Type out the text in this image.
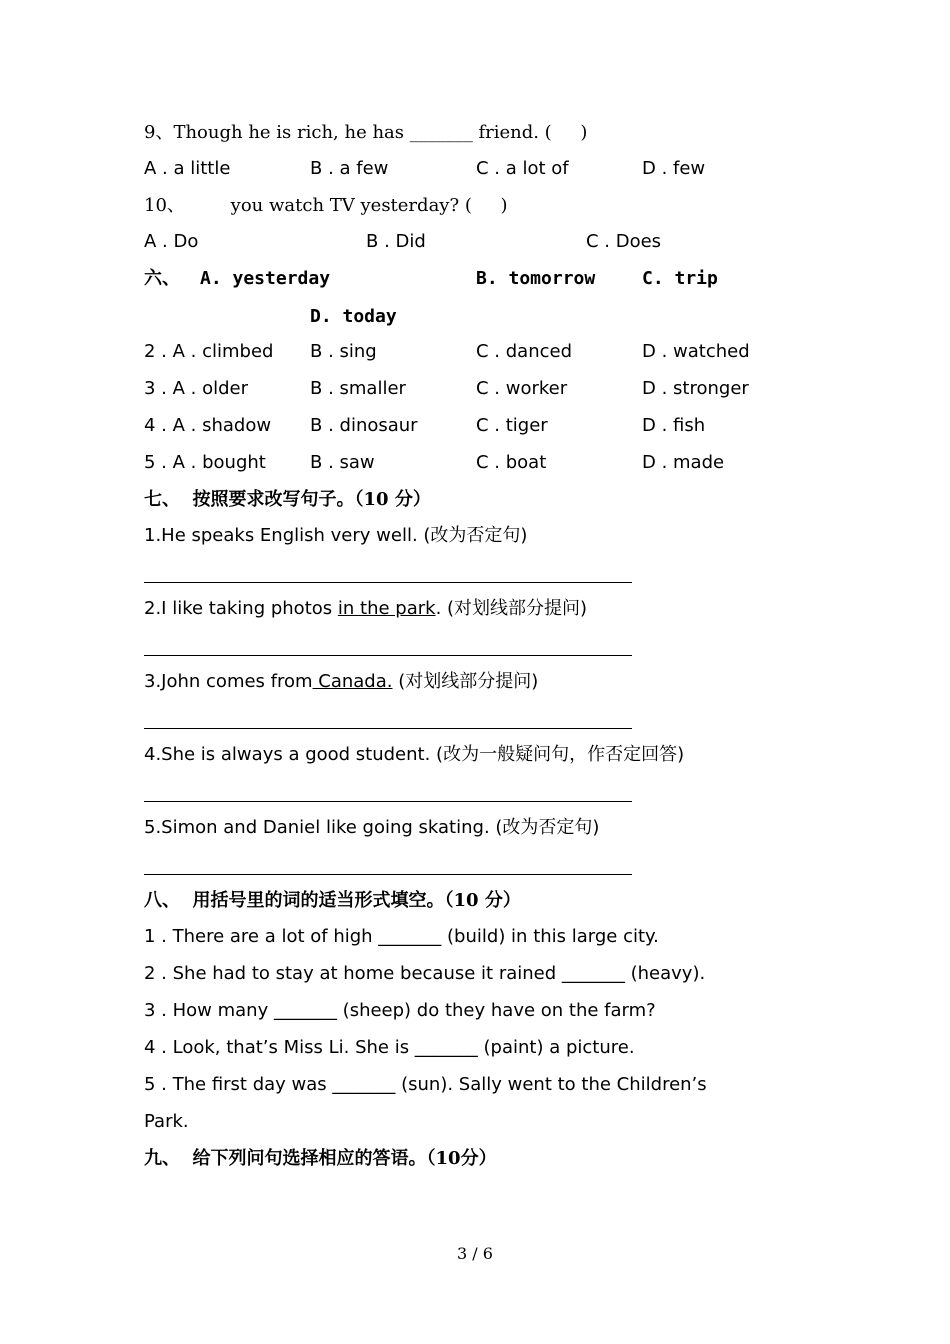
9、Though he is rich, he has _______ friend. (     )
A . a little	B . a few	C . a lot of	D . few
10、        you watch TV yesterday? (     )
A . Do	B . Did	C . Does
六、 A. yesterday	B. tomorrow	C. trip
D. today
2 . A . climbed B . sing	C . danced	D . watched
3 . A . older	B . smaller	C . worker	D . stronger
4 . A . shadow B . dinosaur	C . tiger	D . fish
5 . A . bought B . saw	C . boat	D . made
七、  按照要求改写句子。（10 分）
1.He speaks English very well. (改为否定句)
2.I like taking photos in the park. (对划线部分提问)
3.John comes from Canada. (对划线部分提问)
4.She is always a good student. (改为一般疑问句，作否定回答)
5.Simon and Daniel like going skating. (改为否定句)
八、  用括号里的词的适当形式填空。（10 分）
1 . There are a lot of high _______ (build) in this large city.
2 . She had to stay at home because it rained _______ (heavy).
3 . How many _______ (sheep) do they have on the farm?
4 . Look, that’s Miss Li. She is _______ (paint) a picture.
5 . The first day was _______ (sun). Sally went to the Children’s
Park.
九、  给下列问句选择相应的答语。（10分）
3 / 6
